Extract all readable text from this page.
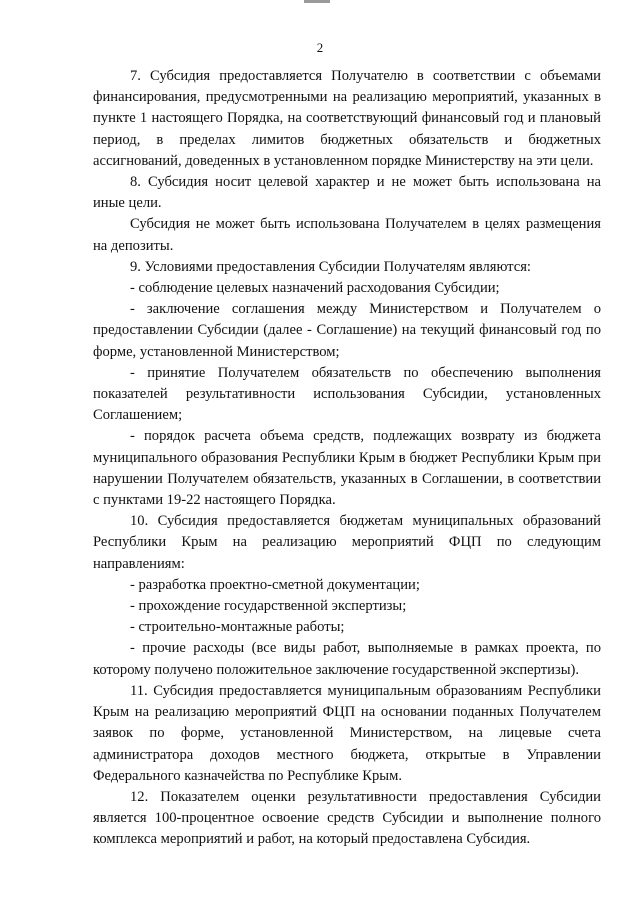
2

7. Субсидия предоставляется Получателю в соответствии с объемами финансирования, предусмотренными на реализацию мероприятий, указанных в пункте 1 настоящего Порядка, на соответствующий финансовый год и плановый период, в пределах лимитов бюджетных обязательств и бюджетных ассигнований, доведенных в установленном порядке Министерству на эти цели.

8. Субсидия носит целевой характер и не может быть использована на иные цели.

Субсидия не может быть использована Получателем в целях размещения на депозиты.

9. Условиями предоставления Субсидии Получателям являются:

- соблюдение целевых назначений расходования Субсидии;

- заключение соглашения между Министерством и Получателем о предоставлении Субсидии (далее - Соглашение) на текущий финансовый год по форме, установленной Министерством;

- принятие Получателем обязательств по обеспечению выполнения показателей результативности использования Субсидии, установленных Соглашением;

- порядок расчета объема средств, подлежащих возврату из бюджета муниципального образования Республики Крым в бюджет Республики Крым при нарушении Получателем обязательств, указанных в Соглашении, в соответствии с пунктами 19-22 настоящего Порядка.

10. Субсидия предоставляется бюджетам муниципальных образований Республики Крым на реализацию мероприятий ФЦП по следующим направлениям:

- разработка проектно-сметной документации;

- прохождение государственной экспертизы;

- строительно-монтажные работы;

- прочие расходы (все виды работ, выполняемые в рамках проекта, по которому получено положительное заключение государственной экспертизы).

11. Субсидия предоставляется муниципальным образованиям Республики Крым на реализацию мероприятий ФЦП на основании поданных Получателем заявок по форме, установленной Министерством, на лицевые счета администратора доходов местного бюджета, открытые в Управлении Федерального казначейства по Республике Крым.

12. Показателем оценки результативности предоставления Субсидии является 100-процентное освоение средств Субсидии и выполнение полного комплекса мероприятий и работ, на который предоставлена Субсидия.
